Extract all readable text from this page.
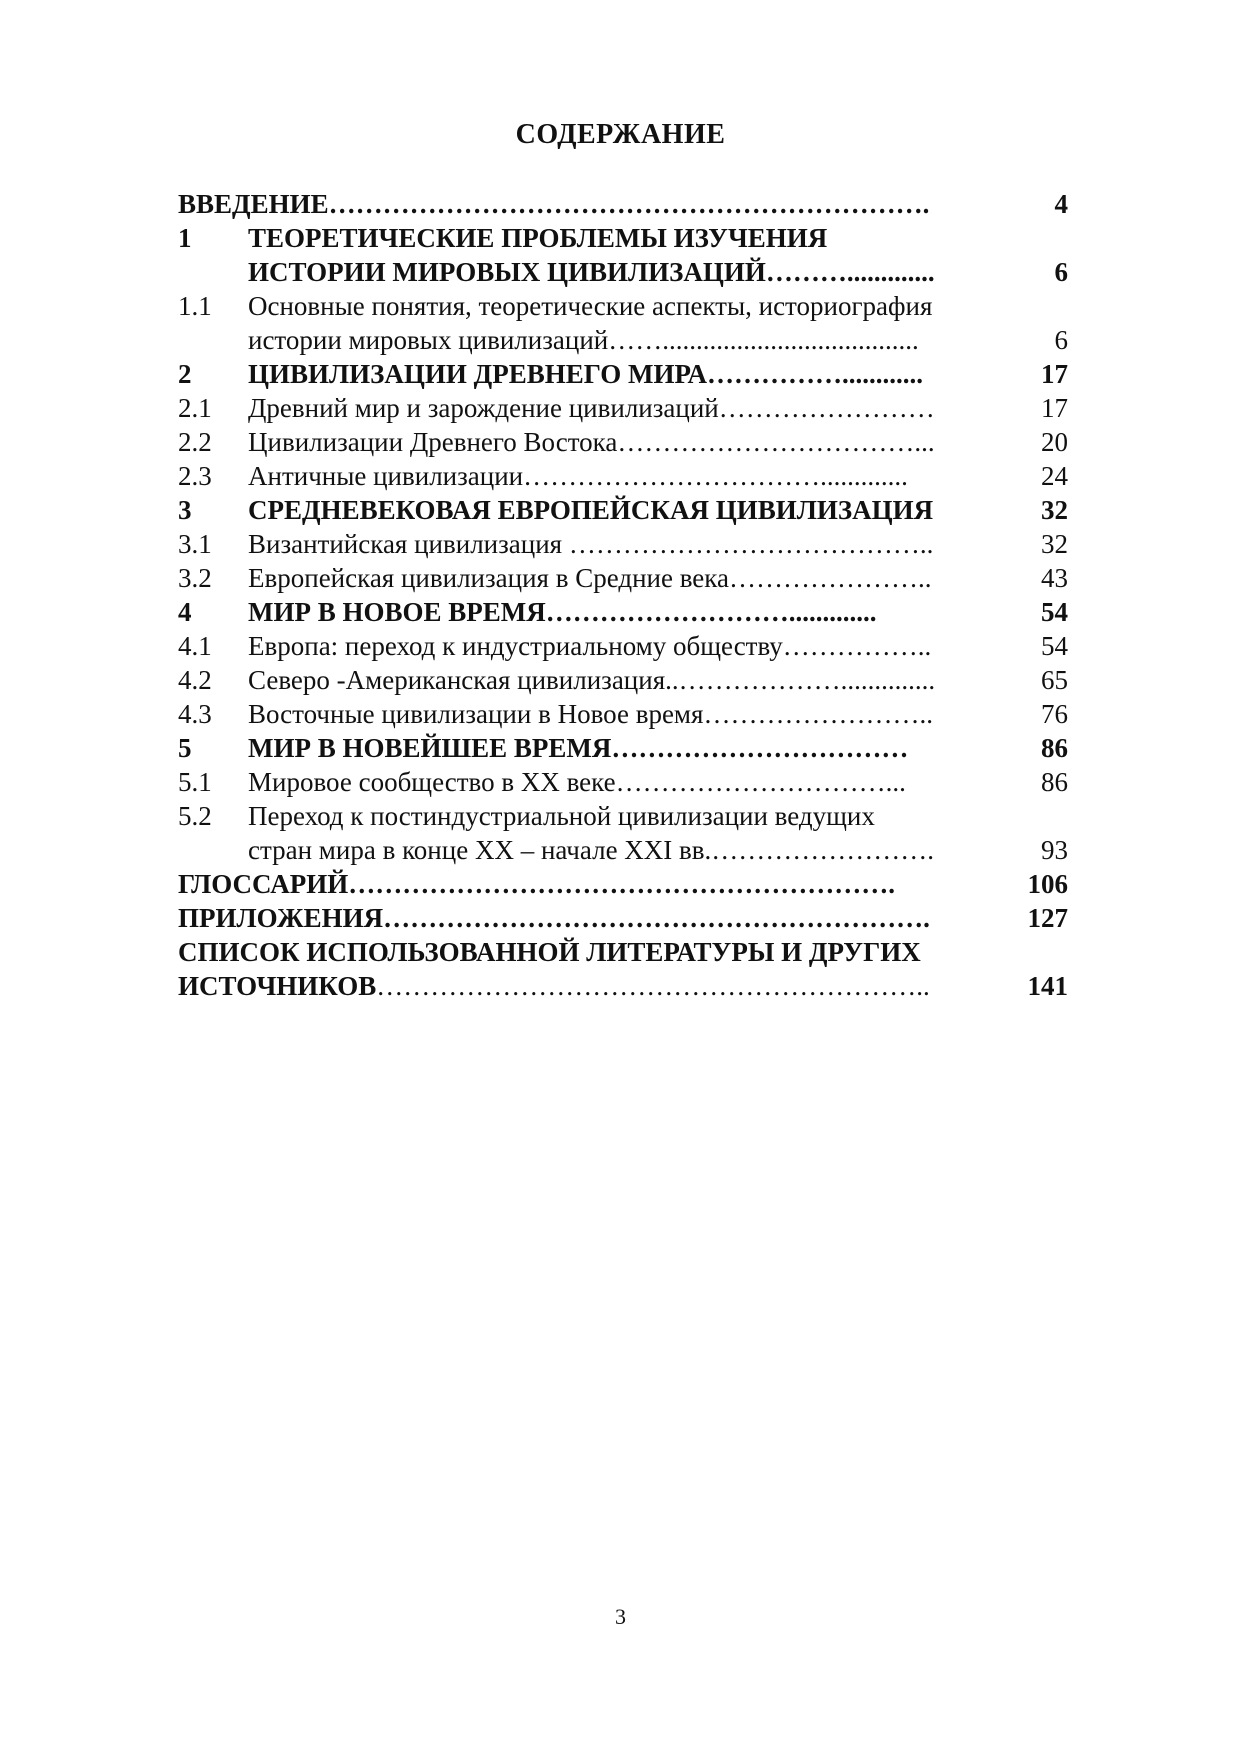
СОДЕРЖАНИЕ
ВВЕДЕНИЕ………………………………………………………….	4
1 ТЕОРЕТИЧЕСКИЕ ПРОБЛЕМЫ ИЗУЧЕНИЯ
ИСТОРИИ МИРОВЫХ ЦИВИЛИЗАЦИЙ……….............	6
1.1 Основные понятия, теоретические аспекты, историография
истории мировых цивилизаций……......................................	6
2 ЦИВИЛИЗАЦИИ ДРЕВНЕГО МИРА……………............	17
2.1 Древний мир и зарождение цивилизаций……………………	17
2.2 Цивилизации Древнего Востока……………………………...	20
2.3 Античные цивилизации…………………………….............	24
3 СРЕДНЕВЕКОВАЯ ЕВРОПЕЙСКАЯ ЦИВИЛИЗАЦИЯ	32
3.1 Византийская цивилизация …………………………………..	32
3.2 Европейская цивилизация в Средние века…………………..	43
4 МИР В НОВОЕ ВРЕМЯ……………………….............	54
4.1 Европа: переход к индустриальному обществу……………..	54
4.2 Северо -Американская цивилизация..………………..............	65
4.3 Восточные цивилизации в Новое время……………………..	76
5 МИР В НОВЕЙШЕЕ ВРЕМЯ……………………………	86
5.1 Мировое сообщество в XX веке…………………………...	86
5.2 Переход к постиндустриальной цивилизации ведущих
стран мира в конце XX – начале XXI вв.…………………….	93
ГЛОССАРИЙ…………………………………………………….	106
ПРИЛОЖЕНИЯ…………………………………………………….	127
СПИСОК ИСПОЛЬЗОВАННОЙ ЛИТЕРАТУРЫ И ДРУГИХ
ИСТОЧНИКОВ……………………………………………………..	141
3
